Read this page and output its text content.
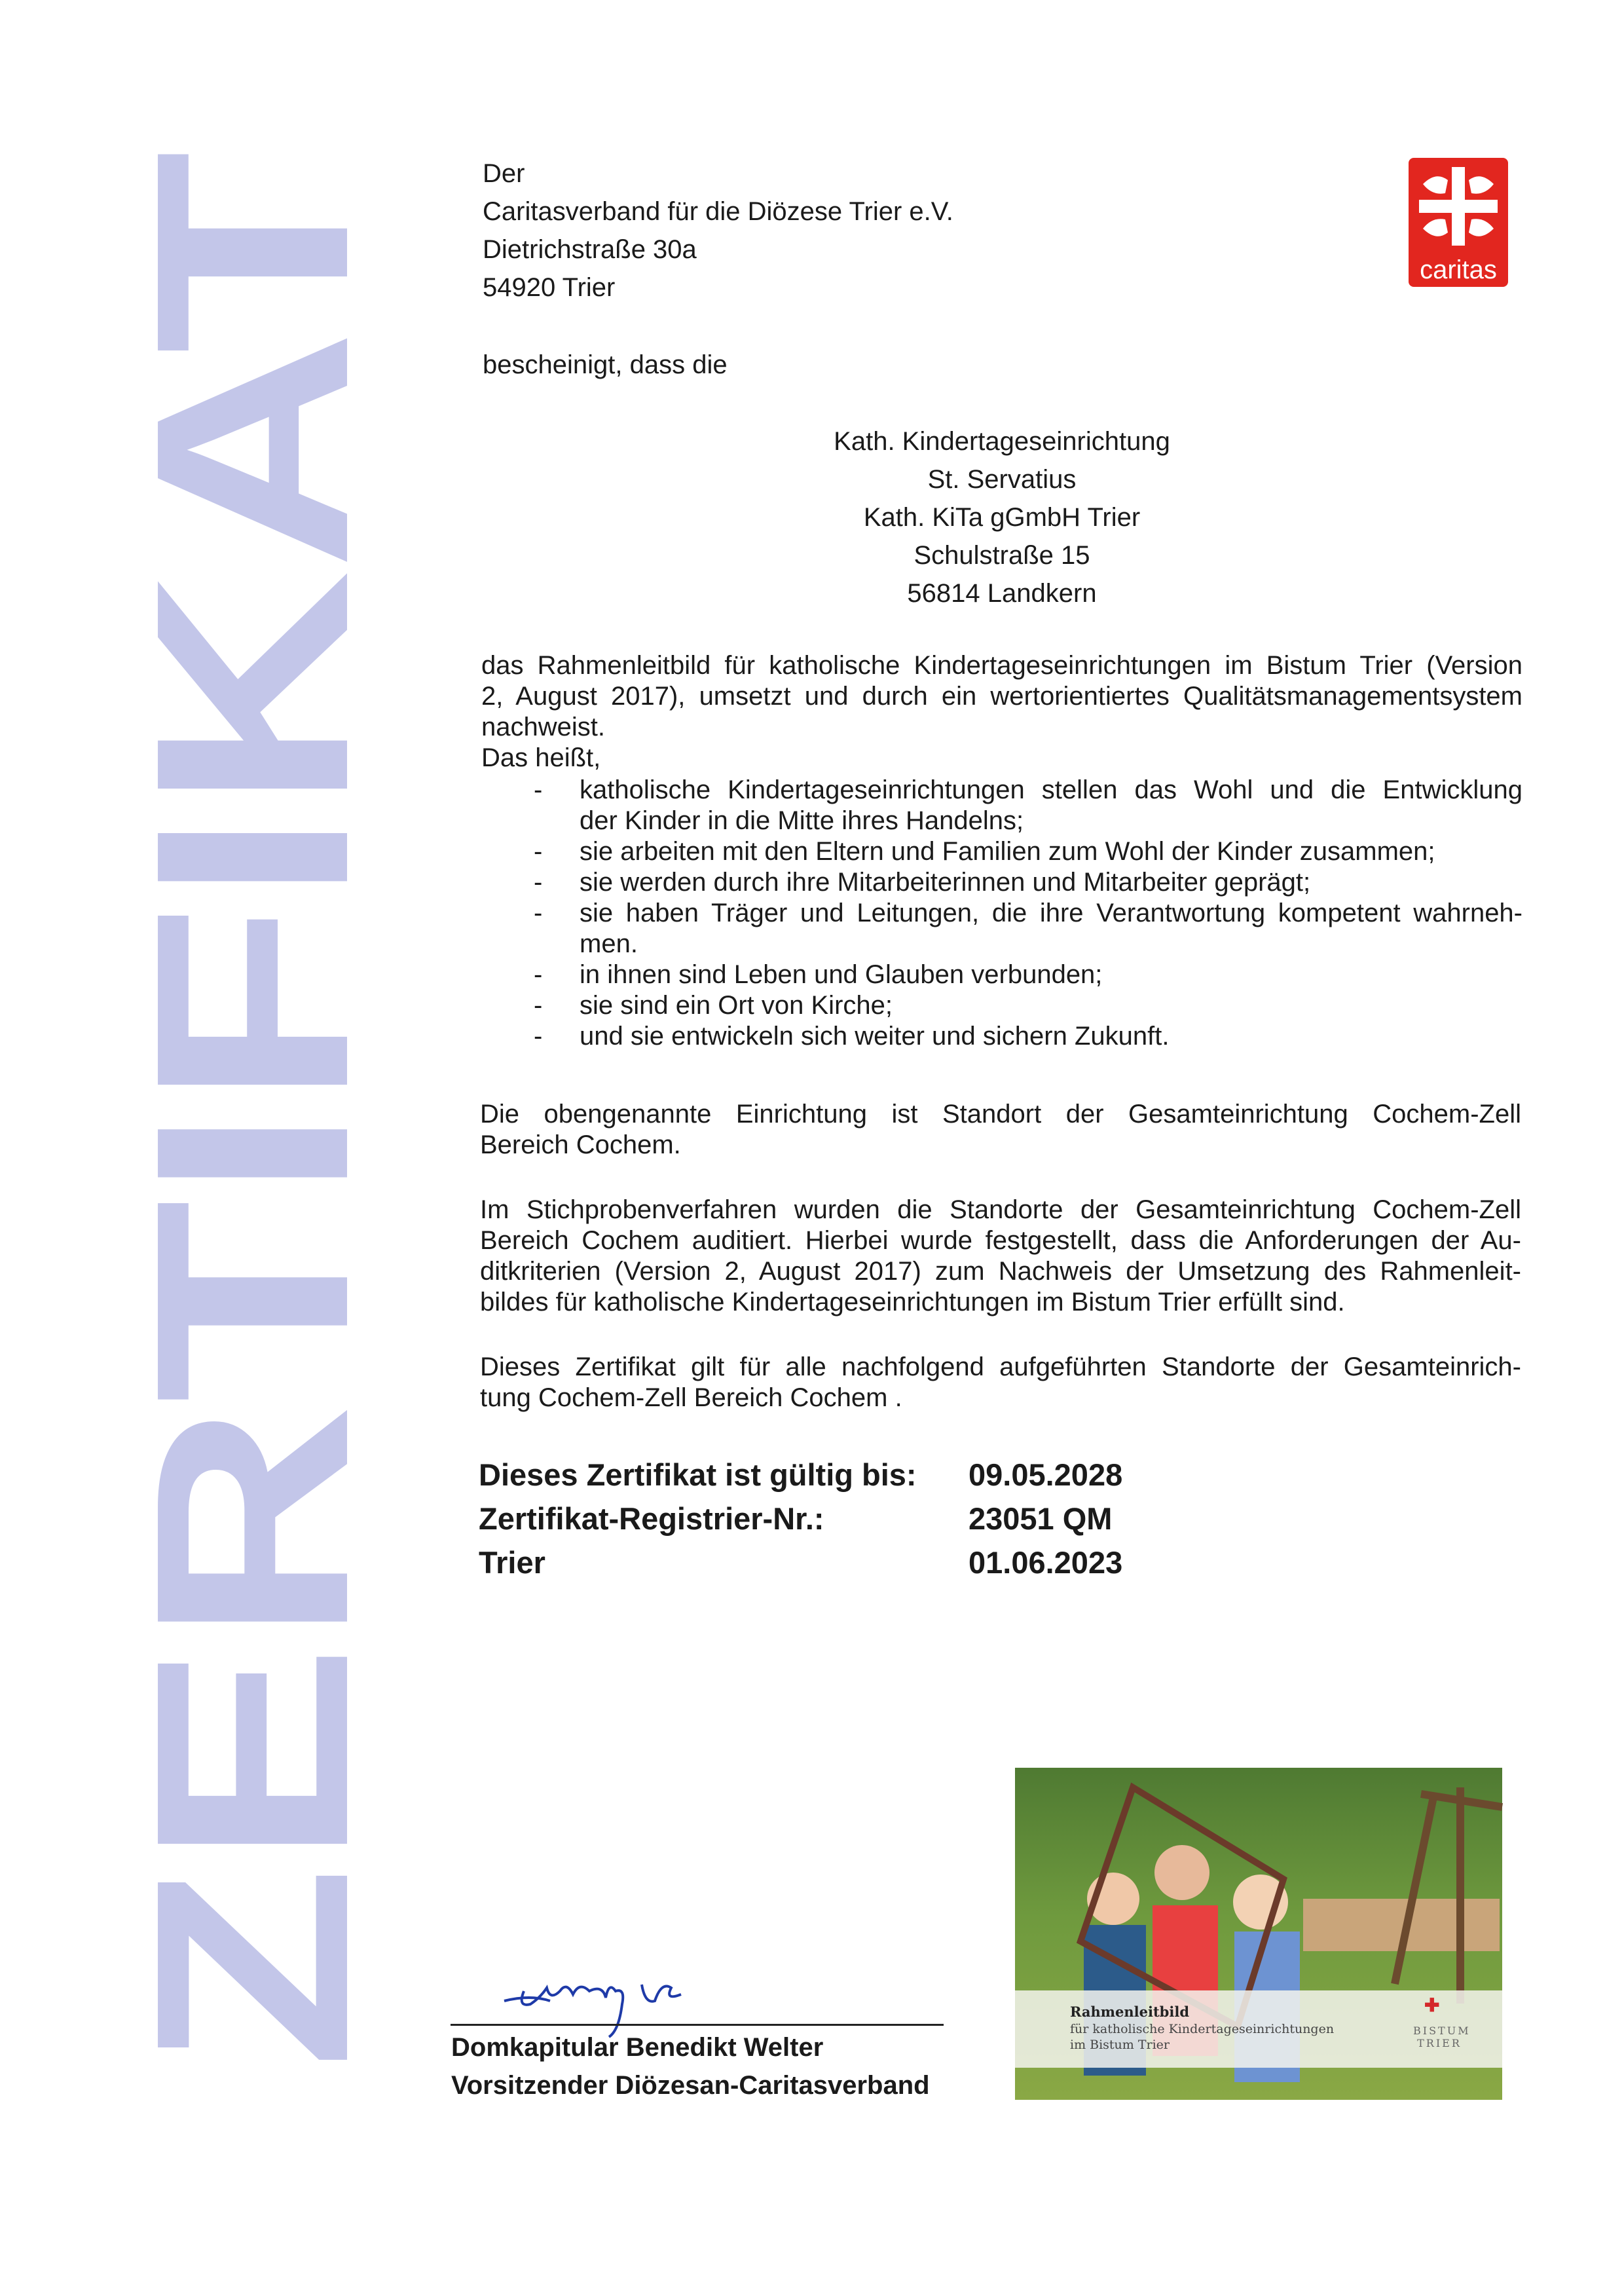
ZERTIFIKAT
caritas
Der
Caritasverband für die Diözese Trier e.V.
Dietrichstraße 30a
54920 Trier
bescheinigt, dass die
Kath. Kindertageseinrichtung
St. Servatius
Kath. KiTa gGmbH Trier
Schulstraße 15
56814 Landkern
das Rahmenleitbild für katholische Kindertageseinrichtungen im Bistum Trier (Version
2, August 2017), umsetzt und durch ein wertorientiertes Qualitätsmanagementsystem
nachweist.
Das heißt,
- katholische Kindertageseinrichtungen stellen das Wohl und die Entwicklung
der Kinder in die Mitte ihres Handelns;
- sie arbeiten mit den Eltern und Familien zum Wohl der Kinder zusammen;
- sie werden durch ihre Mitarbeiterinnen und Mitarbeiter geprägt;
- sie haben Träger und Leitungen, die ihre Verantwortung kompetent wahrneh-
men.
- in ihnen sind Leben und Glauben verbunden;
- sie sind ein Ort von Kirche;
- und sie entwickeln sich weiter und sichern Zukunft.
Die obengenannte Einrichtung ist Standort der Gesamteinrichtung Cochem-Zell
Bereich Cochem.
Im Stichprobenverfahren wurden die Standorte der Gesamteinrichtung Cochem-Zell
Bereich Cochem auditiert. Hierbei wurde festgestellt, dass die Anforderungen der Au-
ditkriterien (Version 2, August 2017) zum Nachweis der Umsetzung des Rahmenleit-
bildes für katholische Kindertageseinrichtungen im Bistum Trier erfüllt sind.
Dieses Zertifikat gilt für alle nachfolgend aufgeführten Standorte der Gesamteinrich-
tung Cochem-Zell Bereich Cochem .
Dieses Zertifikat ist gültig bis: 09.05.2028
Zertifikat-Registrier-Nr.:	23051 QM
Trier	01.06.2023
Domkapitular Benedikt Welter
Vorsitzender Diözesan-Caritasverband
Rahmenleitbild
für katholische Kindertageseinrichtungen
im Bistum Trier
✚
BISTUM
TRIER
